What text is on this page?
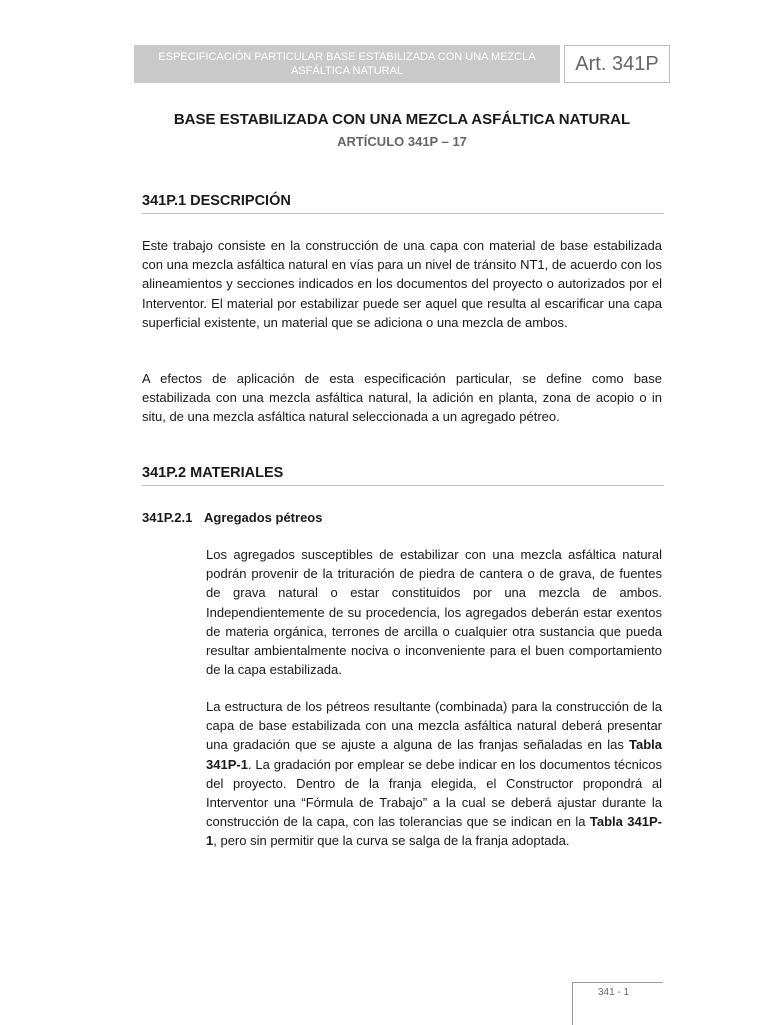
ESPECIFICACIÓN PARTICULAR BASE ESTABILIZADA CON UNA MEZCLA ASFÁLTICA NATURAL	Art. 341P
BASE ESTABILIZADA CON UNA MEZCLA ASFÁLTICA NATURAL
ARTÍCULO 341P – 17
341P.1 DESCRIPCIÓN

Este trabajo consiste en la construcción de una capa con material de base estabilizada con una mezcla asfáltica natural en vías para un nivel de tránsito NT1, de acuerdo con los alineamientos y secciones indicados en los documentos del proyecto o autorizados por el Interventor. El material por estabilizar puede ser aquel que resulta al escarificar una capa superficial existente, un material que se adiciona o una mezcla de ambos.

A efectos de aplicación de esta especificación particular, se define como base estabilizada con una mezcla asfáltica natural, la adición en planta, zona de acopio o in situ, de una mezcla asfáltica natural seleccionada a un agregado pétreo.

341P.2 MATERIALES
341P.2.1 Agregados pétreos

Los agregados susceptibles de estabilizar con una mezcla asfáltica natural podrán provenir de la trituración de piedra de cantera o de grava, de fuentes de grava natural o estar constituidos por una mezcla de ambos. Independientemente de su procedencia, los agregados deberán estar exentos de materia orgánica, terrones de arcilla o cualquier otra sustancia que pueda resultar ambientalmente nociva o inconveniente para el buen comportamiento de la capa estabilizada.

La estructura de los pétreos resultante (combinada) para la construcción de la capa de base estabilizada con una mezcla asfáltica natural deberá presentar una gradación que se ajuste a alguna de las franjas señaladas en las Tabla 341P-1. La gradación por emplear se debe indicar en los documentos técnicos del proyecto. Dentro de la franja elegida, el Constructor propondrá al Interventor una “Fórmula de Trabajo” a la cual se deberá ajustar durante la construcción de la capa, con las tolerancias que se indican en la Tabla 341P-1, pero sin permitir que la curva se salga de la franja adoptada.

341 - 1
